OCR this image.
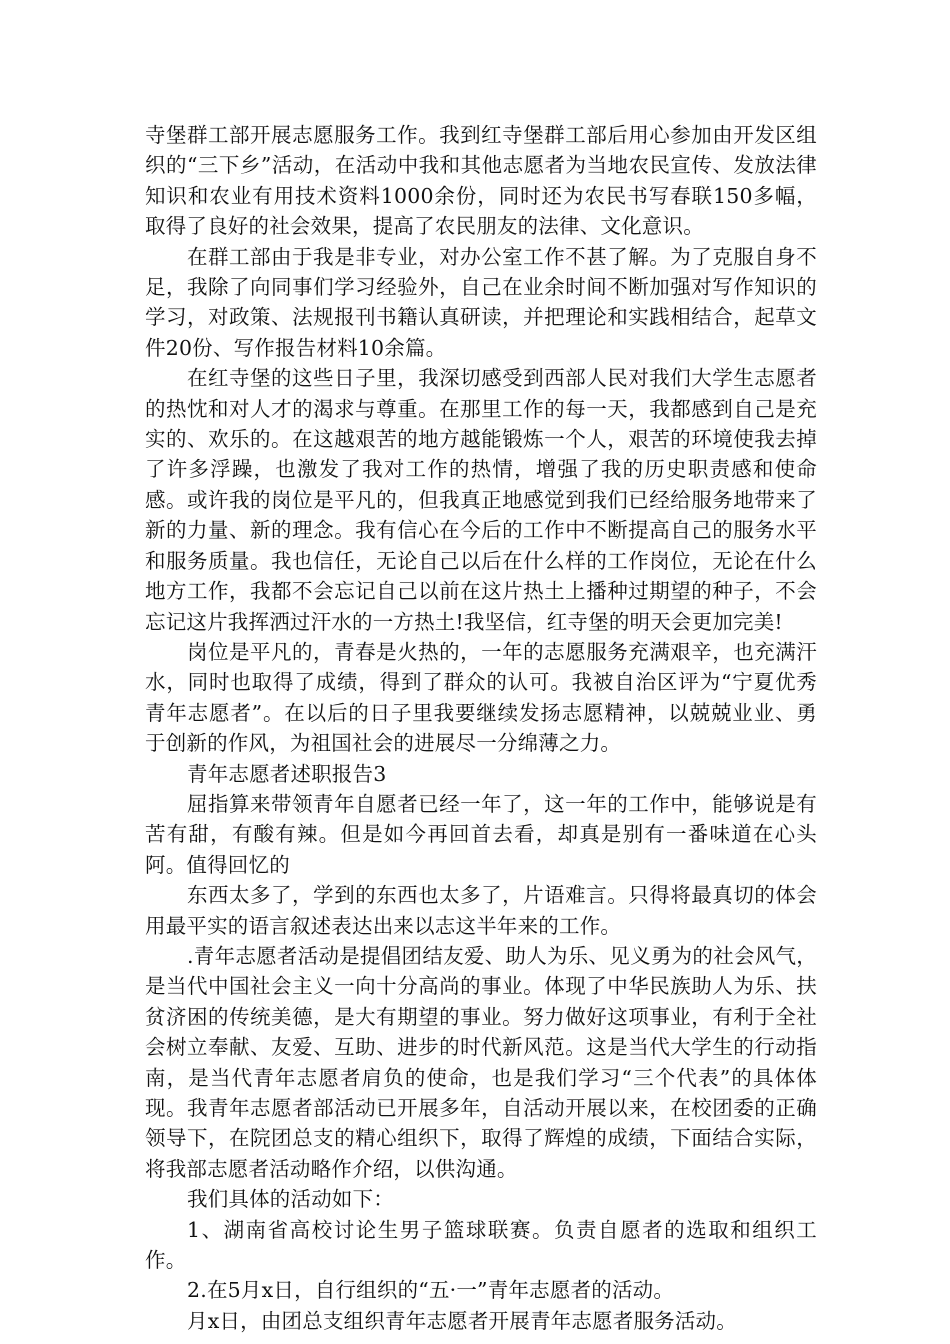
寺堡群工部开展志愿服务工作。我到红寺堡群工部后用心参加由开发区组织的“三下乡”活动，在活动中我和其他志愿者为当地农民宣传、发放法律知识和农业有用技术资料1000余份，同时还为农民书写春联150多幅，取得了良好的社会效果，提高了农民朋友的法律、文化意识。

在群工部由于我是非专业，对办公室工作不甚了解。为了克服自身不足，我除了向同事们学习经验外，自己在业余时间不断加强对写作知识的学习，对政策、法规报刊书籍认真研读，并把理论和实践相结合，起草文件20份、写作报告材料10余篇。

在红寺堡的这些日子里，我深切感受到西部人民对我们大学生志愿者的热忱和对人才的渴求与尊重。在那里工作的每一天，我都感到自己是充实的、欢乐的。在这越艰苦的地方越能锻炼一个人，艰苦的环境使我去掉了许多浮躁，也激发了我对工作的热情，增强了我的历史职责感和使命感。或许我的岗位是平凡的，但我真正地感觉到我们已经给服务地带来了新的力量、新的理念。我有信心在今后的工作中不断提高自己的服务水平和服务质量。我也信任，无论自己以后在什么样的工作岗位，无论在什么地方工作，我都不会忘记自己以前在这片热土上播种过期望的种子，不会忘记这片我挥洒过汗水的一方热土!我坚信，红寺堡的明天会更加完美!

岗位是平凡的，青春是火热的，一年的志愿服务充满艰辛，也充满汗水，同时也取得了成绩，得到了群众的认可。我被自治区评为“宁夏优秀青年志愿者”。在以后的日子里我要继续发扬志愿精神，以兢兢业业、勇于创新的作风，为祖国社会的进展尽一分绵薄之力。

青年志愿者述职报告3

屈指算来带领青年自愿者已经一年了，这一年的工作中，能够说是有苦有甜，有酸有辣。但是如今再回首去看，却真是别有一番味道在心头阿。值得回忆的

东西太多了，学到的东西也太多了，片语难言。只得将最真切的体会用最平实的语言叙述表达出来以志这半年来的工作。

.青年志愿者活动是提倡团结友爱、助人为乐、见义勇为的社会风气，是当代中国社会主义一向十分高尚的事业。体现了中华民族助人为乐、扶贫济困的传统美德，是大有期望的事业。努力做好这项事业，有利于全社会树立奉献、友爱、互助、进步的时代新风范。这是当代大学生的行动指南，是当代青年志愿者肩负的使命，也是我们学习“三个代表”的具体体现。我青年志愿者部活动已开展多年，自活动开展以来，在校团委的正确领导下，在院团总支的精心组织下，取得了辉煌的成绩，下面结合实际，将我部志愿者活动略作介绍，以供沟通。

我们具体的活动如下：

1、湖南省高校讨论生男子篮球联赛。负责自愿者的选取和组织工作。

2.在5月x日，自行组织的“五·一”青年志愿者的活动。

月x日，由团总支组织青年志愿者开展青年志愿者服务活动。
